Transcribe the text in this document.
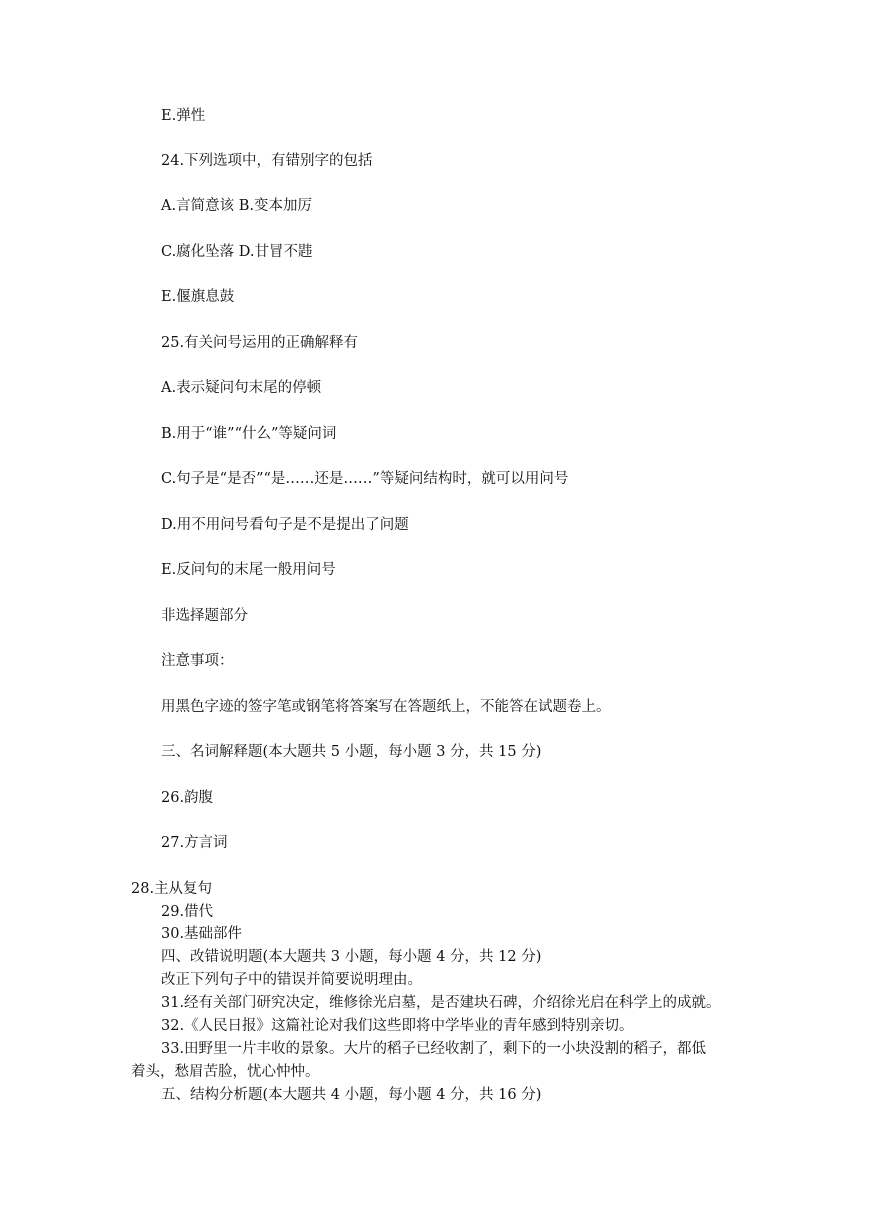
E.弹性
24.下列选项中，有错别字的包括
A.言简意该 B.变本加厉
C.腐化坠落 D.甘冒不韪
E.偃旗息鼓
25.有关问号运用的正确解释有
A.表示疑问句末尾的停顿
B.用于“谁”“什么”等疑问词
C.句子是“是否”“是……还是……”等疑问结构时，就可以用问号
D.用不用问号看句子是不是提出了问题
E.反问句的末尾一般用问号
非选择题部分
注意事项：
用黑色字迹的签字笔或钢笔将答案写在答题纸上，不能答在试题卷上。
三、名词解释题(本大题共 5 小题，每小题 3 分，共 15 分)
26.韵腹
27.方言词
28.主从复句
29.借代
30.基础部件
四、改错说明题(本大题共 3 小题，每小题 4 分，共 12 分)
改正下列句子中的错误并简要说明理由。
31.经有关部门研究决定，维修徐光启墓，是否建块石碑，介绍徐光启在科学上的成就。
32.《人民日报》这篇社论对我们这些即将中学毕业的青年感到特别亲切。
33.田野里一片丰收的景象。大片的稻子已经收割了，剩下的一小块没割的稻子，都低
着头，愁眉苦脸，忧心忡忡。
五、结构分析题(本大题共 4 小题，每小题 4 分，共 16 分)
